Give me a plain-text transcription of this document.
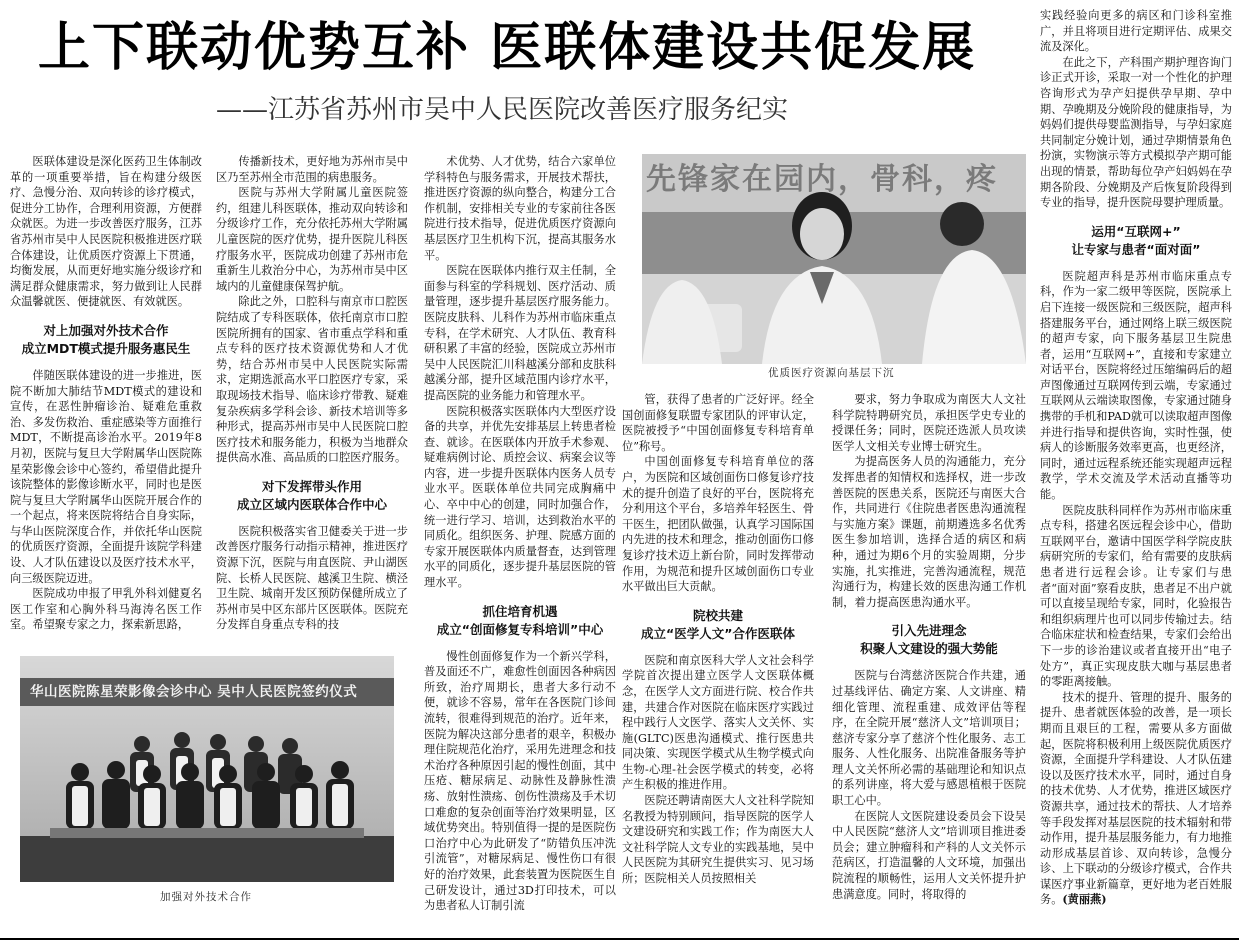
上下联动优势互补 医联体建设共促发展
——江苏省苏州市吴中人民医院改善医疗服务纪实

医联体建设是深化医药卫生体制改革的一项重要举措，旨在构建分级医疗、急慢分治、双向转诊的诊疗模式，促进分工协作，合理利用资源，方便群众就医。为进一步改善医疗服务，江苏省苏州市吴中人民医院积极推进医疗联合体建设，让优质医疗资源上下贯通，均衡发展，从而更好地实施分级诊疗和满足群众健康需求，努力做到让人民群众温馨就医、便捷就医、有效就医。

对上加强对外技术合作
成立MDT模式提升服务惠民生

伴随医联体建设的进一步推进，医院不断加大肺结节MDT模式的建设和宣传，在恶性肿瘤诊治、疑难危重救治、多发伤救治、重症感染等方面推行MDT，不断提高诊治水平。2019年8月初，医院与复旦大学附属华山医院陈星荣影像会诊中心签约，希望借此提升该院整体的影像诊断水平，同时也是医院与复旦大学附属华山医院开展合作的一个起点，将来医院将结合自身实际，与华山医院深度合作，并依托华山医院的优质医疗资源，全面提升该院学科建设、人才队伍建设以及医疗技术水平，向三级医院迈进。

医院成功申报了甲乳外科刘健夏名医工作室和心胸外科马海涛名医工作室。希望聚专家之力，探索新思路，

传播新技术，更好地为苏州市吴中区乃至苏州全市范围的病患服务。

医院与苏州大学附属儿童医院签约，组建儿科医联体，推动双向转诊和分级诊疗工作，充分依托苏州大学附属儿童医院的医疗优势，提升医院儿科医疗服务水平，医院成功创建了苏州市危重新生儿救治分中心，为苏州市吴中区域内的儿童健康保驾护航。

除此之外，口腔科与南京市口腔医院结成了专科医联体，依托南京市口腔医院所拥有的国家、省市重点学科和重点专科的医疗技术资源优势和人才优势，结合苏州市吴中人民医院实际需求，定期选派高水平口腔医疗专家，采取现场技术指导、临床诊疗带教、疑难复杂疾病多学科会诊、新技术培训等多种形式，提高苏州市吴中人民医院口腔医疗技术和服务能力，积极为当地群众提供高水准、高品质的口腔医疗服务。

对下发挥带头作用
成立区域内医联体合作中心

医院积极落实省卫健委关于进一步改善医疗服务行动指示精神，推进医疗资源下沉，医院与甪直医院、尹山湖医院、长桥人民医院、越溪卫生院、横泾卫生院、城南开发区预防保健所成立了苏州市吴中区东部片区医联体。医院充分发挥自身重点专科的技

术优势、人才优势，结合六家单位学科特色与服务需求，开展技术帮扶，推进医疗资源的纵向整合，构建分工合作机制，安排相关专业的专家前往各医院进行技术指导，促进优质医疗资源向基层医疗卫生机构下沉，提高其服务水平。

医院在医联体内推行双主任制，全面参与科室的学科规划、医疗活动、质量管理，逐步提升基层医疗服务能力。医院皮肤科、儿科作为苏州市临床重点专科，在学术研究、人才队伍、教育科研积累了丰富的经验，医院成立苏州市吴中人民医院汇川科越溪分部和皮肤科越溪分部，提升区域范围内诊疗水平，提高医院的业务能力和管理水平。

医院积极落实医联体内大型医疗设备的共享，并优先安排基层上转患者检查、就诊。在医联体内开放手术参观、疑难病例讨论、质控会议、病案会议等内容，进一步提升医联体内医务人员专业水平。医联体单位共同完成胸痛中心、卒中中心的创建，同时加强合作，统一进行学习、培训，达到救治水平的同质化。组织医务、护理、院感方面的专家开展医联体内质量督查，达到管理水平的同质化，逐步提升基层医院的管理水平。

抓住培育机遇
成立“创面修复专科培训”中心

慢性创面修复作为一个新兴学科，普及面还不广，难愈性创面因各种病因所致，治疗周期长，患者大多行动不便，就诊不容易，常年在各医院门诊间流转，很难得到规范的治疗。近年来，医院为解决这部分患者的艰辛，积极办理住院规范化治疗，采用先进理念和技术治疗各种原因引起的慢性创面，其中压疮、糖尿病足、动脉性及静脉性溃疡、放射性溃疡、创伤性溃疡及手术切口难愈的复杂创面等治疗效果明显，区域优势突出。特别值得一提的是医院伤口治疗中心为此研发了“防错负压冲洗引流管”，对糖尿病足、慢性伤口有很好的治疗效果，此套装置为医院医生自己研发设计，通过3D打印技术，可以为患者私人订制引流

管，获得了患者的广泛好评。经全国创面修复联盟专家团队的评审认定，医院被授予“中国创面修复专科培育单位”称号。

中国创面修复专科培育单位的落户，为医院和区域创面伤口修复诊疗技术的提升创造了良好的平台，医院将充分利用这个平台，多培养年轻医生、骨干医生，把团队做强，认真学习国际国内先进的技术和理念，推动创面伤口修复诊疗技术迈上新台阶，同时发挥带动作用，为规范和提升区域创面伤口专业水平做出巨大贡献。

院校共建
成立“医学人文”合作医联体

医院和南京医科大学人文社会科学学院首次提出建立医学人文医联体概念，在医学人文方面进行院、校合作共建，共建合作对医院在临床医疗实践过程中践行人文医学、落实人文关怀、实施(GLTC)医患沟通模式、推行医患共同决策、实现医学模式从生物学模式向生物-心理-社会医学模式的转变，必将产生积极的推进作用。

医院还聘请南医大人文社科学院知名教授为特别顾问，指导医院的医学人文建设研究和实践工作；作为南医大人文社科学院人文专业的实践基地，吴中人民医院为其研究生提供实习、见习场所；医院相关人员按照相关

要求，努力争取成为南医大人文社科学院特聘研究员，承担医学史专业的授课任务；同时，医院还选派人员攻读医学人文相关专业博士研究生。

为提高医务人员的沟通能力，充分发挥患者的知情权和选择权，进一步改善医院的医患关系，医院还与南医大合作，共同进行《住院患者医患沟通流程与实施方案》课题，前期遴选多名优秀医生参加培训，选择合适的病区和病种，通过为期6个月的实验周期，分步实施，扎实推进，完善沟通流程，规范沟通行为，构建长效的医患沟通工作机制，着力提高医患沟通水平。

引入先进理念
积聚人文建设的强大势能

医院与台湾慈济医院合作共建，通过基线评估、确定方案、人文讲座、精细化管理、流程重建、成效评估等程序，在全院开展“慈济人文”培训项目；慈济专家分享了慈济个性化服务、志工服务、人性化服务、出院准备服务等护理人文关怀所必需的基础理论和知识点的系列讲座，将大爱与感恩植根于医院职工心中。

在医院人文医院建设委员会下设吴中人民医院“慈济人文”培训项目推进委员会；建立肿瘤科和产科的人文关怀示范病区，打造温馨的人文环境，加强出院流程的顺畅性，运用人文关怀提升护患满意度。同时，将取得的

实践经验向更多的病区和门诊科室推广，并且将项目进行定期评估、成果交流及深化。

在此之下，产科围产期护理咨询门诊正式开诊，采取一对一个性化的护理咨询形式为孕产妇提供孕早期、孕中期、孕晚期及分娩阶段的健康指导，为妈妈们提供母婴监测指导，与孕妇家庭共同制定分娩计划，通过孕期情景角色扮演，实物演示等方式模拟孕产期可能出现的情景，帮助每位孕产妇妈妈在孕期各阶段、分娩期及产后恢复阶段得到专业的指导，提升医院母婴护理质量。

运用“互联网+”
让专家与患者“面对面”

医院超声科是苏州市临床重点专科，作为一家二级甲等医院，医院承上启下连接一级医院和三级医院，超声科搭建服务平台，通过网络上联三级医院的超声专家，向下服务基层卫生院患者，运用“互联网+”，直接和专家建立对话平台，医院将经过压缩编码后的超声图像通过互联网传到云端，专家通过互联网从云端读取图像，专家通过随身携带的手机和PAD就可以读取超声图像并进行指导和提供咨询，实时性强，使病人的诊断服务效率更高，也更经济，同时，通过远程系统还能实现超声远程教学，学术交流及学术活动直播等功能。

医院皮肤科同样作为苏州市临床重点专科，搭建名医远程会诊中心，借助互联网平台，邀请中国医学科学院皮肤病研究所的专家们，给有需要的皮肤病患者进行远程会诊。让专家们与患者“面对面”察看皮肤，患者足不出户就可以直接呈现给专家，同时，化验报告和组织病理片也可以同步传输过去。结合临床症状和检查结果，专家们会给出下一步的诊治建议或者直接开出“电子处方”，真正实现皮肤大咖与基层患者的零距离接触。

技术的提升、管理的提升、服务的提升、患者就医体验的改善，是一项长期而且艰巨的工程，需要从多方面做起，医院将积极利用上级医院优质医疗资源，全面提升学科建设、人才队伍建设以及医疗技术水平，同时，通过自身的技术优势、人才优势，推进区域医疗资源共享，通过技术的帮扶、人才培养等手段发挥对基层医院的技术辐射和带动作用，提升基层服务能力，有力地推动形成基层首诊、双向转诊，急慢分诊、上下联动的分级诊疗模式，合作共谋医疗事业新篇章，更好地为老百姓服务。(黄丽燕)

华山医院陈星荣影像会诊中心 吴中人民医院签约仪式
加强对外技术合作
先锋家在园内，骨科，疼
优质医疗资源向基层下沉
